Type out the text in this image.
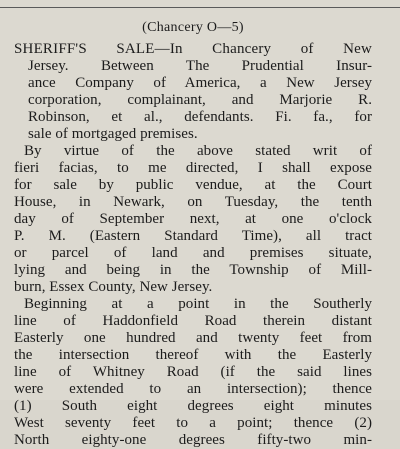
(Chancery O—5)
SHERIFF'S SALE—In Chancery of New
Jersey. Between The Prudential Insur-
ance Company of America, a New Jersey
corporation, complainant, and Marjorie R.
Robinson, et al., defendants. Fi. fa., for
sale of mortgaged premises.
By virtue of the above stated writ of
fieri facias, to me directed, I shall expose
for sale by public vendue, at the Court
House, in Newark, on Tuesday, the tenth
day of September next, at one o'clock
P. M. (Eastern Standard Time), all tract
or parcel of land and premises situate,
lying and being in the Township of Mill-
burn, Essex County, New Jersey.
Beginning at a point in the Southerly
line of Haddonfield Road therein distant
Easterly one hundred and twenty feet from
the intersection thereof with the Easterly
line of Whitney Road (if the said lines
were extended to an intersection); thence
(1) South eight degrees eight minutes
West seventy feet to a point; thence (2)
North eighty-one degrees fifty-two min-
